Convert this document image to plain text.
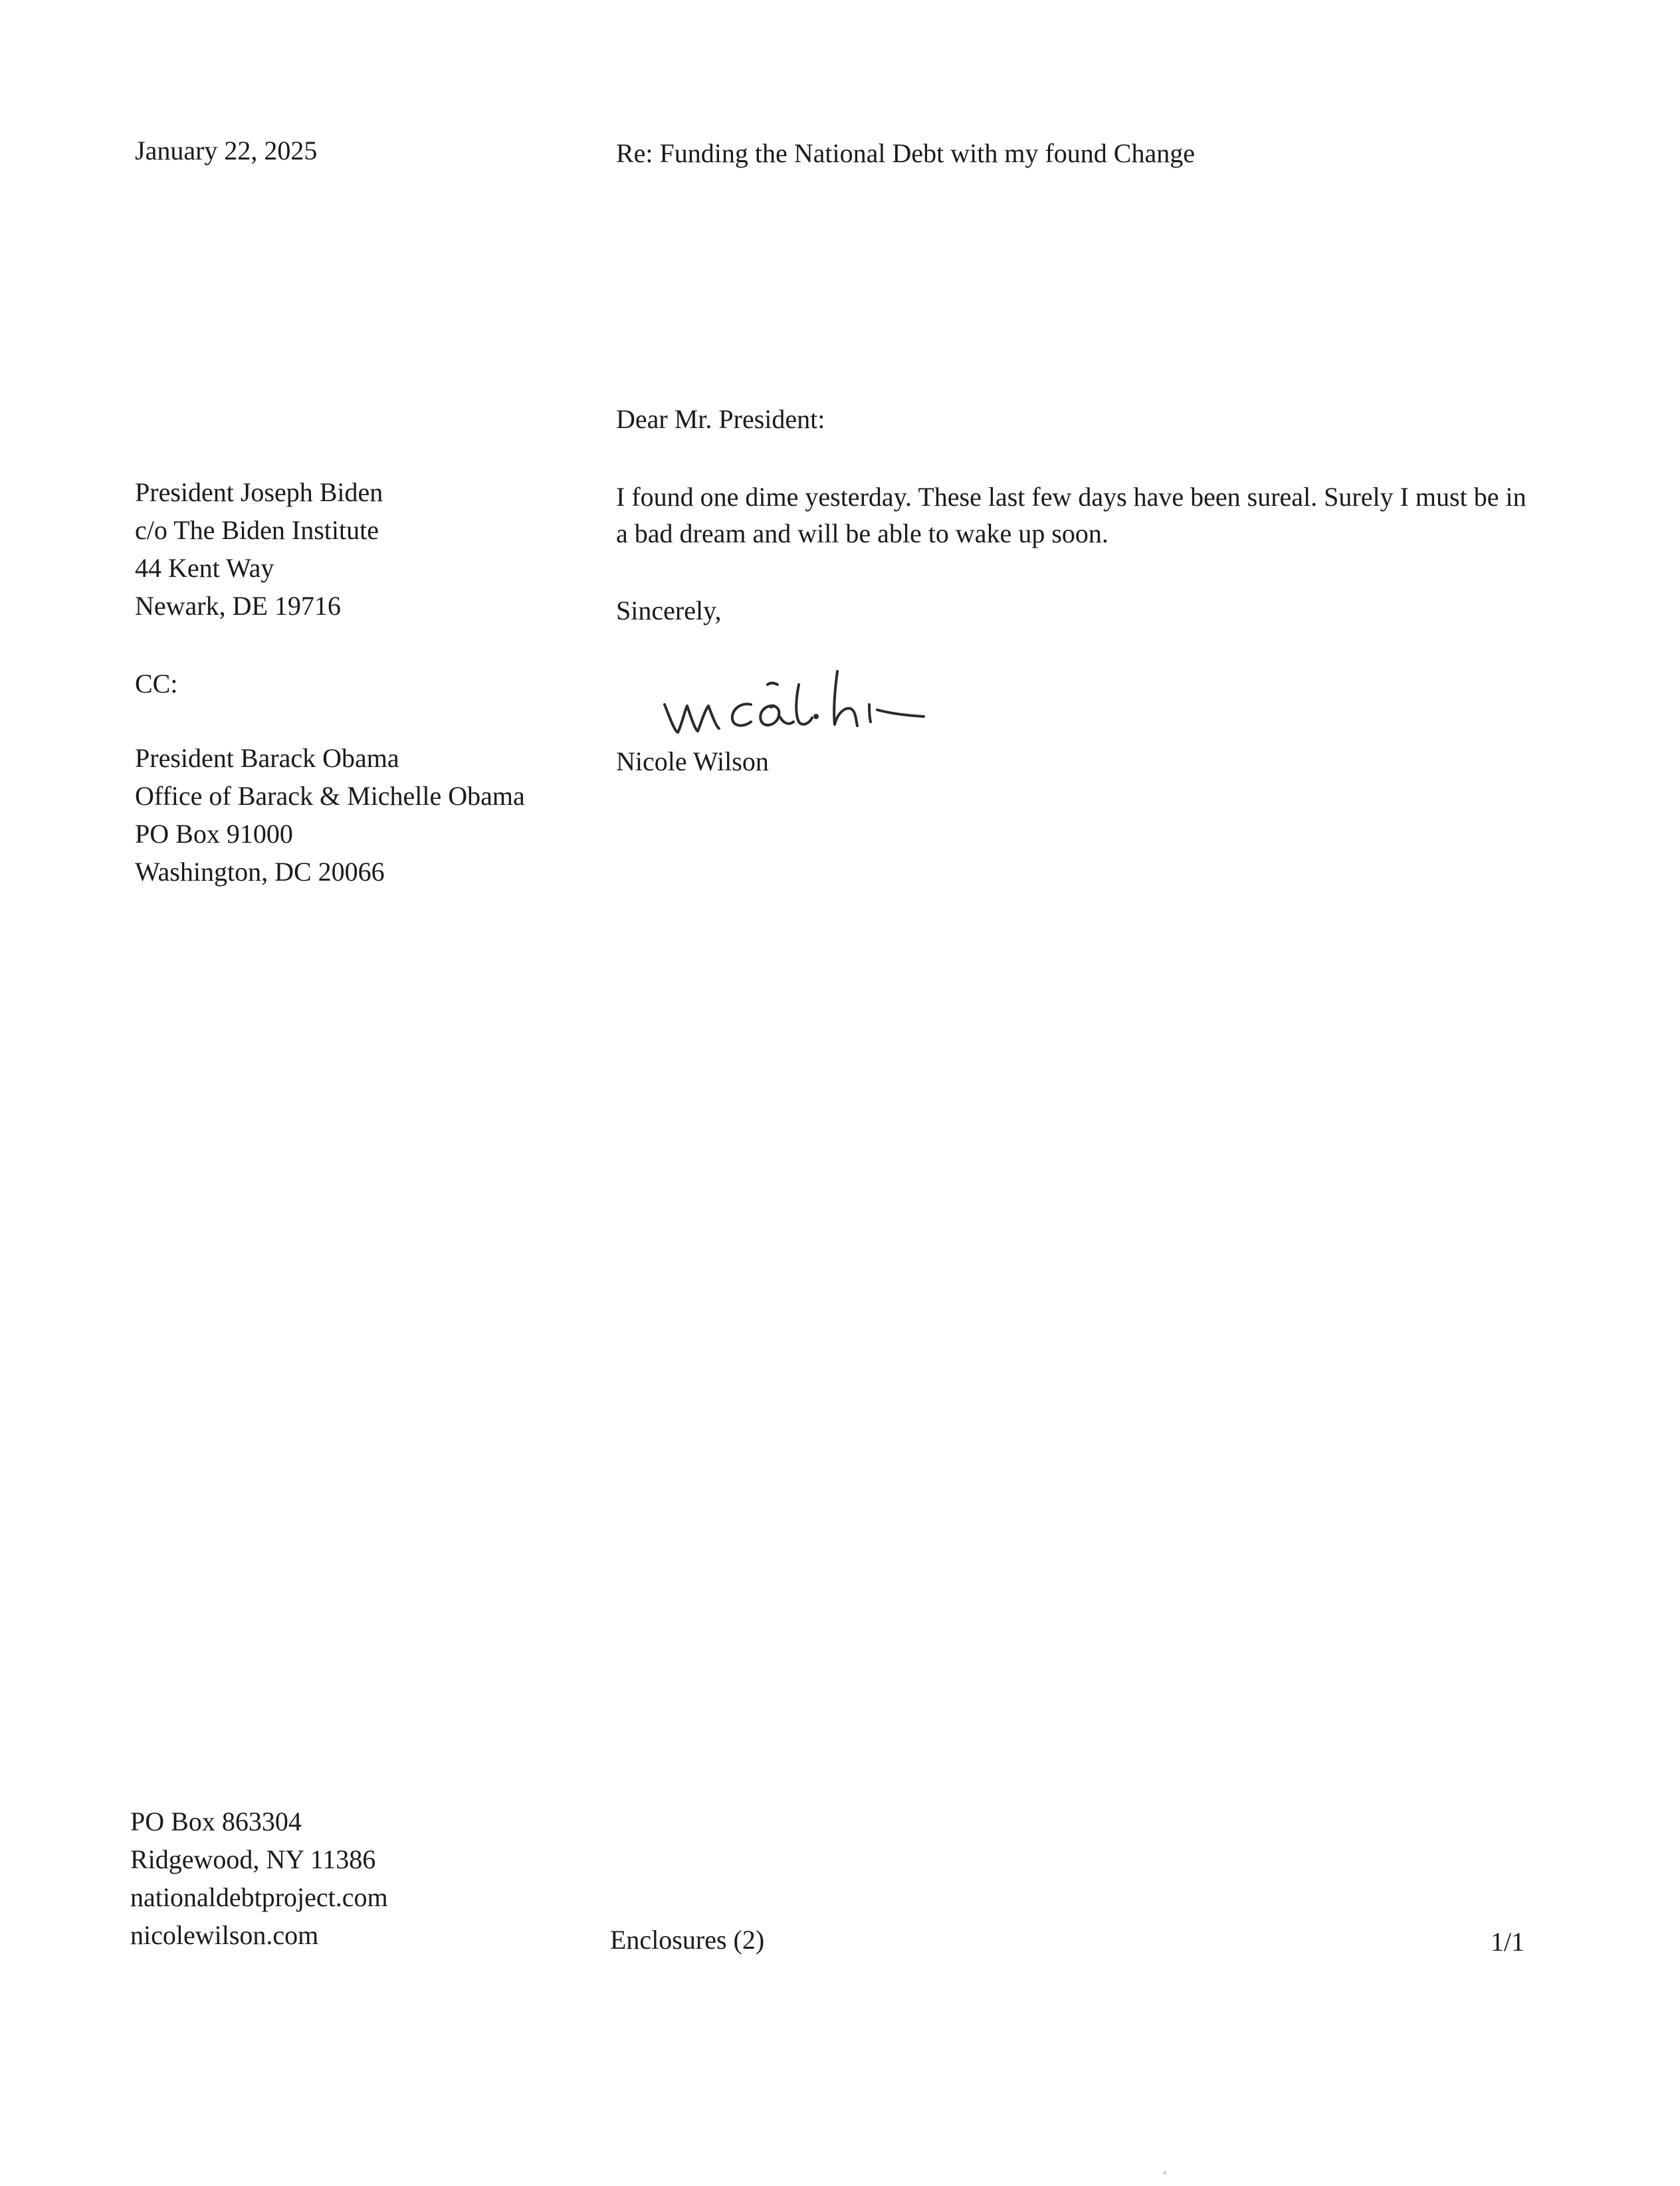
January 22, 2025	Re: Funding the National Debt with my found Change
Dear Mr. President:
President Joseph Biden
c/o The Biden Institute
44 Kent Way
Newark, DE 19716
CC:
President Barack Obama
Office of Barack & Michelle Obama
PO Box 91000
Washington, DC 20066
I found one dime yesterday. These last few days have been sureal. Surely I must be in a bad dream and will be able to wake up soon.
Sincerely,
Nicole Wilson
PO Box 863304
Ridgewood, NY 11386
nationaldebtproject.com
nicolewilson.com	Enclosures (2)	1/1
